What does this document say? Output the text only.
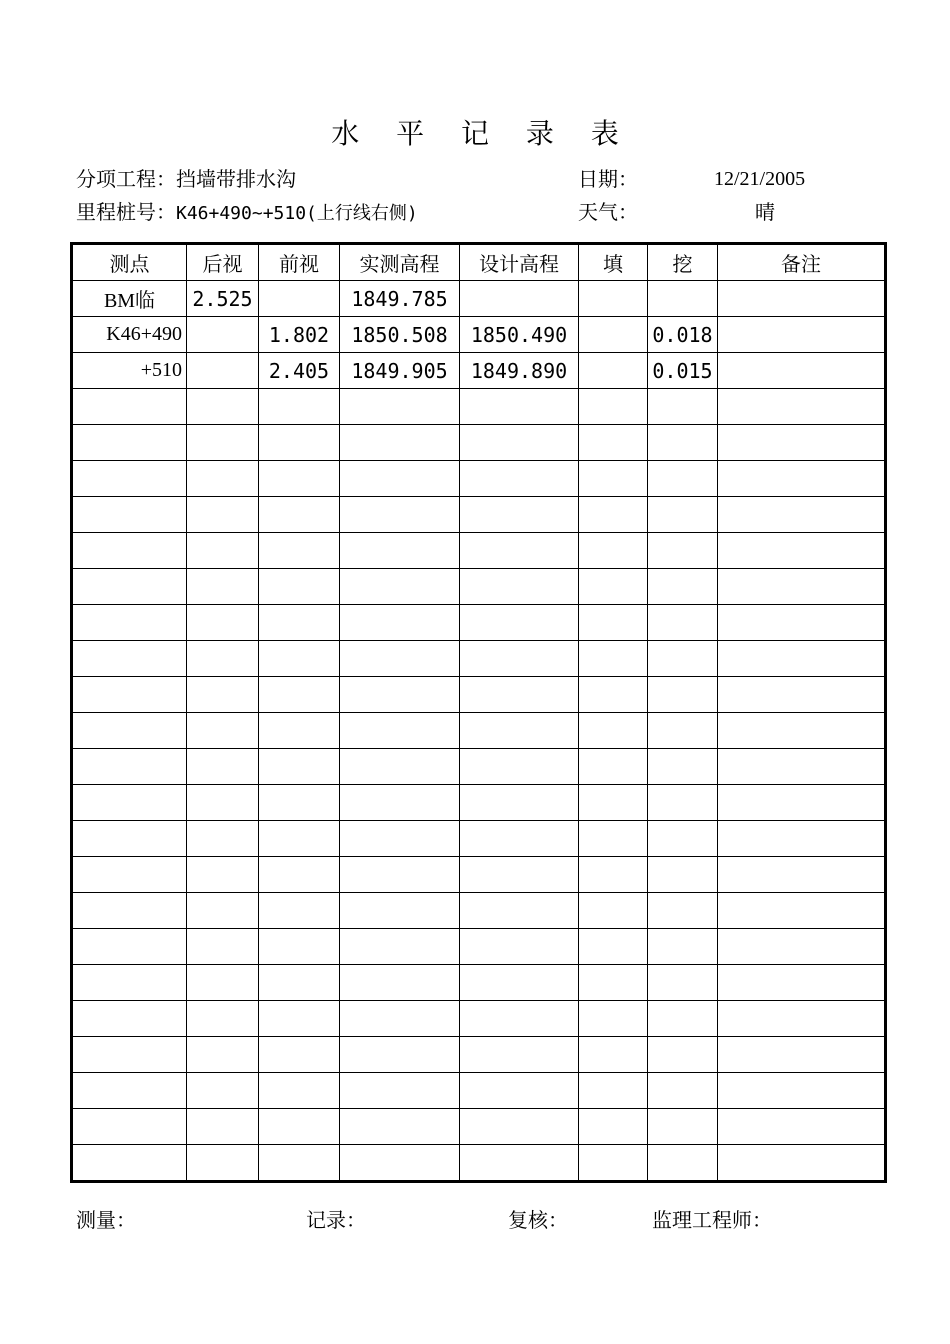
水 平 记 录 表
分项工程：挡墙带排水沟
里程桩号：K46+490~+510(上行线右侧)
日期：	12/21/2005
天气：	晴
测点	后视	前视	实测高程	设计高程	填	挖	备注
BM临	2.525		1849.785				
K46+490		1.802	1850.508	1850.490		0.018	
+510		2.405	1849.905	1849.890		0.015	

测量：	记录：	复核：	监理工程师：
